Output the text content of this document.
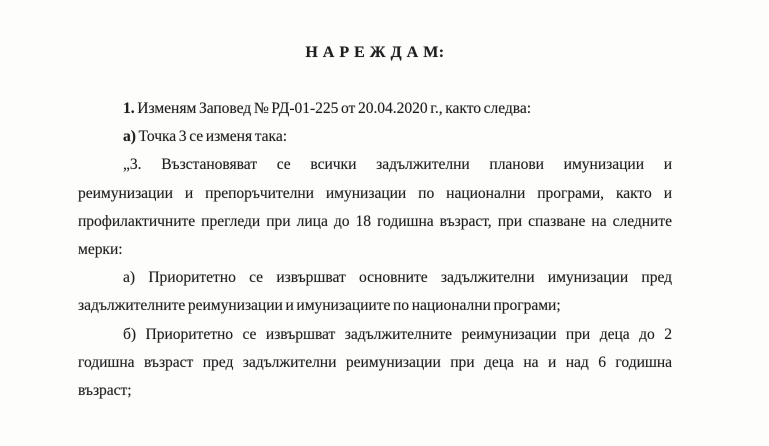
Н А Р Е Ж Д А М:
1. Изменям Заповед № РД-01-225 от 20.04.2020 г., както следва:
а) Точка 3 се изменя така:
„3. Възстановяват се всички задължителни планови имунизации и
реимунизации и препоръчителни имунизации по национални програми, както и
профилактичните прегледи при лица до 18 годишна възраст, при спазване на следните
мерки:
а) Приоритетно се извършват основните задължителни имунизации пред
задължителните реимунизации и имунизациите по национални програми;
б) Приоритетно се извършват задължителните реимунизации при деца до 2
годишна възраст пред задължителни реимунизации при деца на и над 6 годишна
възраст;
